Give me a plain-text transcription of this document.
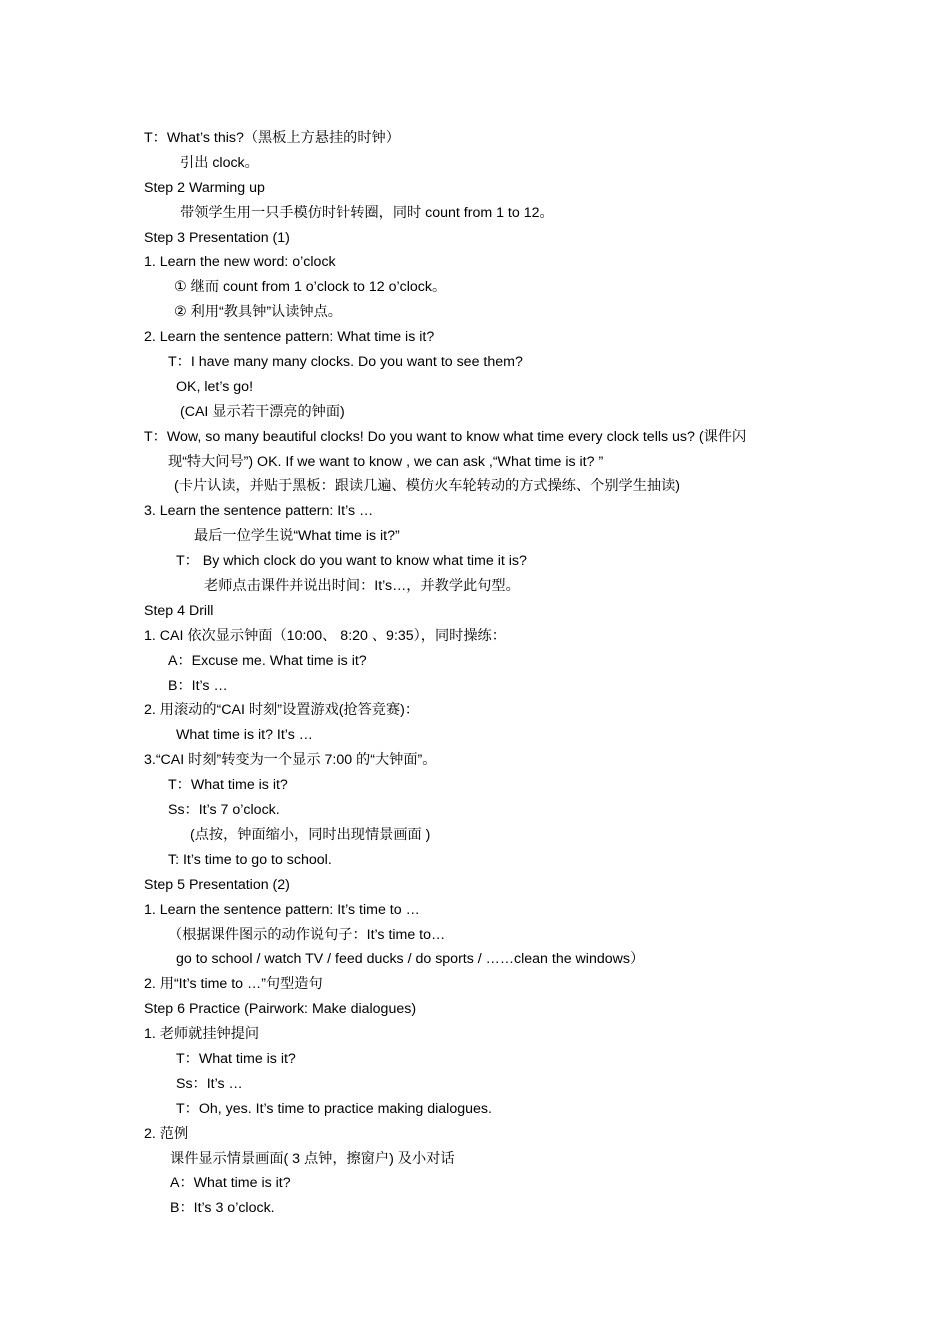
T：What’s this?（黑板上方悬挂的时钟）
引出 clock。
Step 2 Warming up
带领学生用一只手模仿时针转圈，同时 count from 1 to 12。
Step 3 Presentation (1)
1. Learn the new word: o’clock
① 继而 count from 1 o’clock to 12 o’clock。
② 利用“教具钟”认读钟点。
2. Learn the sentence pattern: What time is it?
T：I have many many clocks. Do you want to see them?
OK, let’s go!
(CAI 显示若干漂亮的钟面)
T：Wow, so many beautiful clocks! Do you want to know what time every clock tells us? (课件闪
现“特大问号”) OK. If we want to know , we can ask ,“What time is it? ”
(卡片认读，并贴于黑板：跟读几遍、模仿火车轮转动的方式操练、个别学生抽读)
3. Learn the sentence pattern: It’s …
最后一位学生说“What time is it?”
T： By which clock do you want to know what time it is?
老师点击课件并说出时间：It’s…，并教学此句型。
Step 4 Drill
1. CAI 依次显示钟面（10:00、 8:20 、9:35），同时操练：
A：Excuse me. What time is it?
B：It’s …
2. 用滚动的“CAI 时刻”设置游戏(抢答竞赛)：
What time is it? It’s …
3.“CAI 时刻”转变为一个显示 7:00 的“大钟面”。
T：What time is it?
Ss：It’s 7 o’clock.
(点按，钟面缩小，同时出现情景画面 )
T: It’s time to go to school.
Step 5 Presentation (2)
1. Learn the sentence pattern: It’s time to …
（根据课件图示的动作说句子：It’s time to…
go to school / watch TV / feed ducks / do sports / ……clean the windows）
2. 用“It’s time to …”句型造句
Step 6 Practice (Pairwork: Make dialogues)
1. 老师就挂钟提问
T：What time is it?
Ss：It’s …
T：Oh, yes. It’s time to practice making dialogues.
2. 范例
课件显示情景画面( 3 点钟，擦窗户) 及小对话
A：What time is it?
B：It’s 3 o’clock.
